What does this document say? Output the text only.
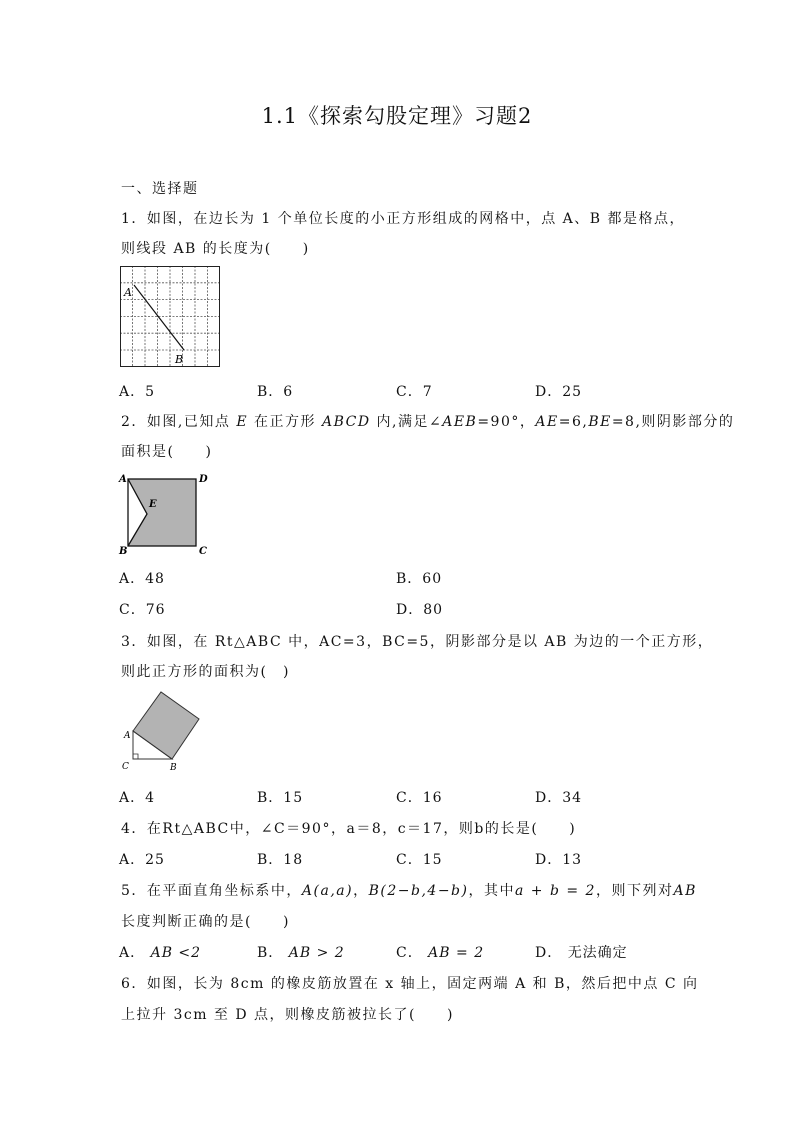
1.1《探索勾股定理》习题2
一、选择题
1．如图，在边长为 1 个单位长度的小正方形组成的网格中，点 A、B 都是格点，
则线段 AB 的长度为(　　)
A
B
A．5	B．6	C．7	D．25
2．如图,已知点 E 在正方形 ABCD 内,满足∠AEB=90°，AE=6,BE=8,则阴影部分的
面积是(　　)
A	D
B	C
E
A．48	B．60
C．76	D．80
3．如图，在 Rt△ABC 中，AC=3，BC=5，阴影部分是以 AB 为边的一个正方形，
则此正方形的面积为(　)
A
C	B
A．4	B．15	C．16	D．34
4．在Rt△ABC中，∠C＝90°，a＝8，c＝17，则b的长是(　　)
A．25	B．18	C．15	D．13
5．在平面直角坐标系中，A(a,a)，B(2−b,4−b)，其中a + b = 2，则下列对AB
长度判断正确的是(　　)
A． AB <2	B． AB > 2	C． AB = 2	D． 无法确定
6．如图，长为 8cm 的橡皮筋放置在 x 轴上，固定两端 A 和 B，然后把中点 C 向
上拉升 3cm 至 D 点，则橡皮筋被拉长了(　　)
